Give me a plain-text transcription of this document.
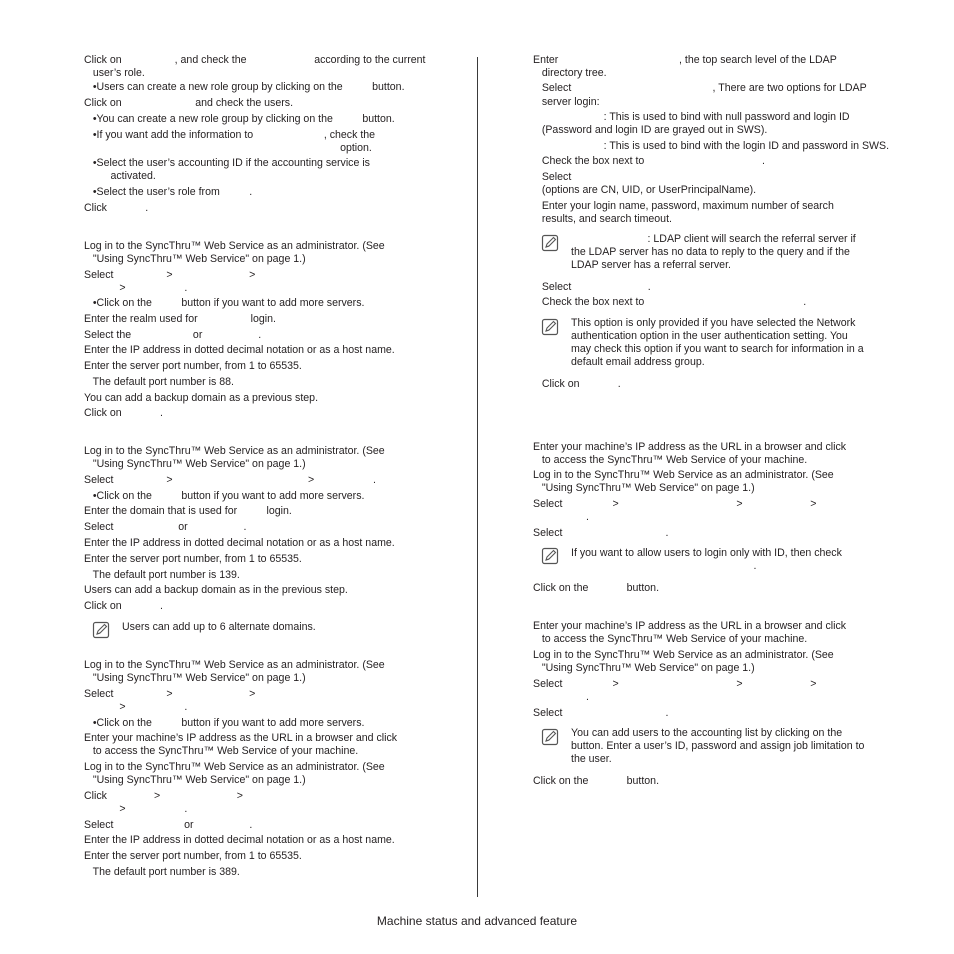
Click on                  , and check the                       according to the current
user’s role.
•Users can create a new role group by clicking on the          button.
Click on                         and check the users.
•You can create a new role group by clicking on the          button.
•If you want add the information to                        , check the
option.
•Select the user’s accounting ID if the accounting service is
activated.
•Select the user’s role from          .
Click             .
Log in to the SyncThru™ Web Service as an administrator. (See
"Using SyncThru™ Web Service" on page 1.)
Select                  >                          >
>                    .
•Click on the          button if you want to add more servers.
Enter the realm used for                  login.
Select the                     or                   .
Enter the IP address in dotted decimal notation or as a host name.
Enter the server port number, from 1 to 65535.
The default port number is 88.
You can add a backup domain as a previous step.
Click on             .
Log in to the SyncThru™ Web Service as an administrator. (See
"Using SyncThru™ Web Service" on page 1.)
Select                  >                                              >                    .
•Click on the          button if you want to add more servers.
Enter the domain that is used for          login.
Select                      or                   .
Enter the IP address in dotted decimal notation or as a host name.
Enter the server port number, from 1 to 65535.
The default port number is 139.
Users can add a backup domain as in the previous step.
Click on             .
Users can add up to 6 alternate domains.
Log in to the SyncThru™ Web Service as an administrator. (See
"Using SyncThru™ Web Service" on page 1.)
Select                  >                          >
>                    .
•Click on the          button if you want to add more servers.
Enter your machine’s IP address as the URL in a browser and click
to access the SyncThru™ Web Service of your machine.
Log in to the SyncThru™ Web Service as an administrator. (See
"Using SyncThru™ Web Service" on page 1.)
Click                >                          >
>                    .
Select                        or                   .
Enter the IP address in dotted decimal notation or as a host name.
Enter the server port number, from 1 to 65535.
The default port number is 389.
Enter                                         , the top search level of the LDAP
directory tree.
Select                                                , There are two options for LDAP
server login:
: This is used to bind with null password and login ID
(Password and login ID are grayed out in SWS).
: This is used to bind with the login ID and password in SWS.
Check the box next to                                        .
Select
(options are CN, UID, or UserPrincipalName).
Enter your login name, password, maximum number of search
results, and search timeout.
: LDAP client will search the referral server if
the LDAP server has no data to reply to the query and if the
LDAP server has a referral server.
Select                          .
Check the box next to                                                      .
This option is only provided if you have selected the Network
authentication option in the user authentication setting. You
may check this option if you want to search for information in a
default email address group.
Click on             .
Enter your machine’s IP address as the URL in a browser and click
to access the SyncThru™ Web Service of your machine.
Log in to the SyncThru™ Web Service as an administrator. (See
"Using SyncThru™ Web Service" on page 1.)
Select                 >                                        >                       >
.
Select                                   .
If you want to allow users to login only with ID, then check
.
Click on the             button.
Enter your machine’s IP address as the URL in a browser and click
to access the SyncThru™ Web Service of your machine.
Log in to the SyncThru™ Web Service as an administrator. (See
"Using SyncThru™ Web Service" on page 1.)
Select                 >                                        >                       >
.
Select                                   .
You can add users to the accounting list by clicking on the
button. Enter a user’s ID, password and assign job limitation to
the user.
Click on the             button.
Machine status and advanced feature
